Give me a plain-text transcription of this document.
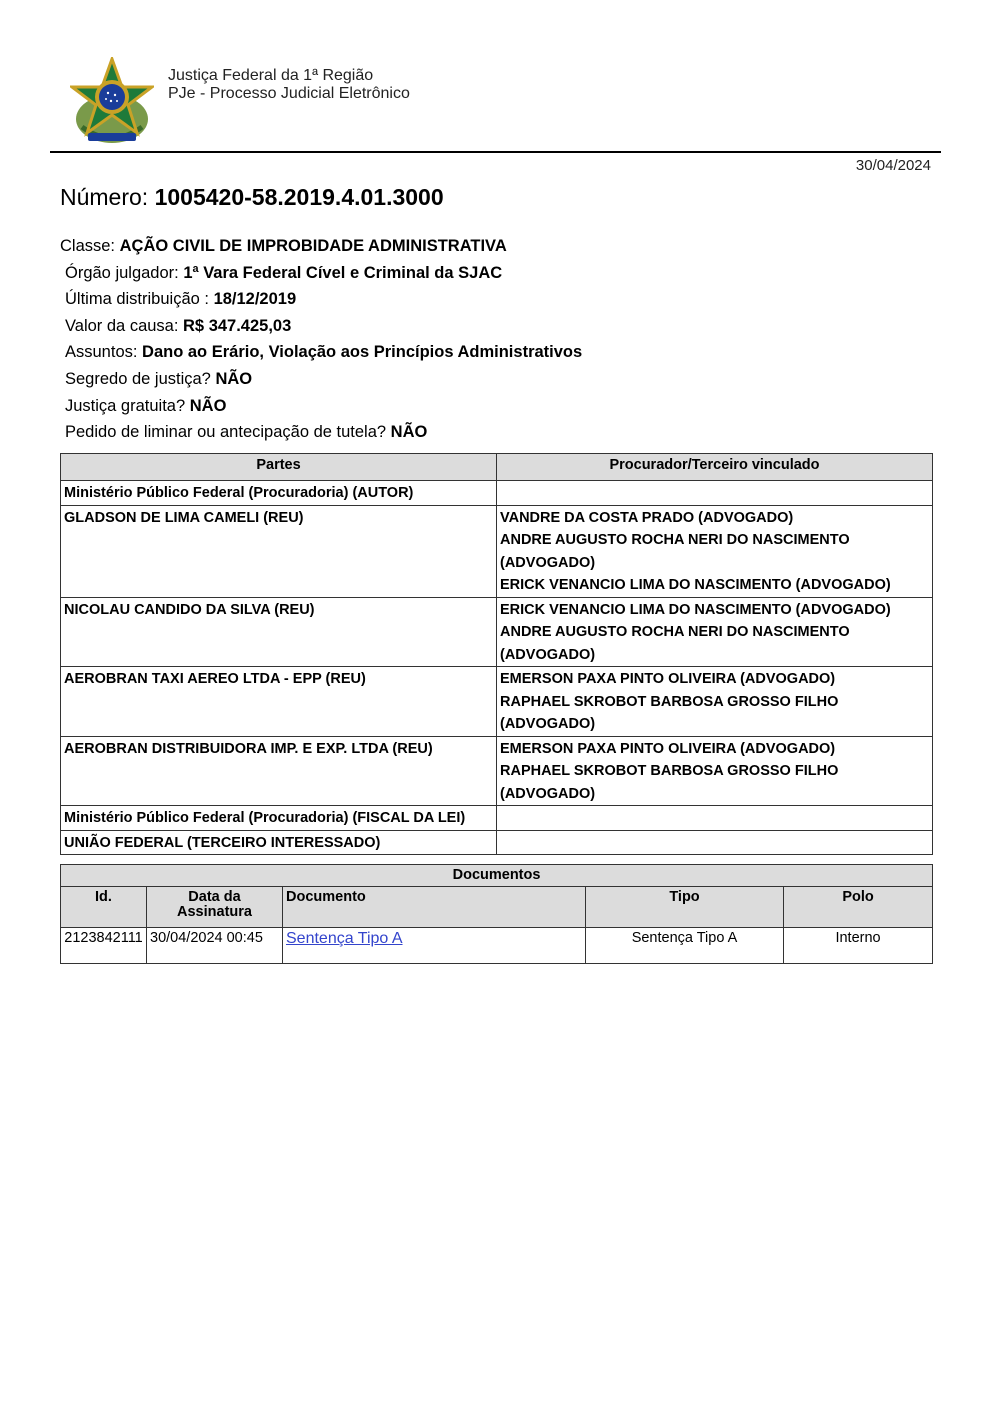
Justiça Federal da 1ª Região
PJe - Processo Judicial Eletrônico
30/04/2024
Número: 1005420-58.2019.4.01.3000
Classe: AÇÃO CIVIL DE IMPROBIDADE ADMINISTRATIVA
Órgão julgador: 1ª Vara Federal Cível e Criminal da SJAC
Última distribuição : 18/12/2019
Valor da causa: R$ 347.425,03
Assuntos: Dano ao Erário, Violação aos Princípios Administrativos
Segredo de justiça? NÃO
Justiça gratuita? NÃO
Pedido de liminar ou antecipação de tutela? NÃO
Partes	Procurador/Terceiro vinculado
Ministério Público Federal (Procuradoria) (AUTOR)	
GLADSON DE LIMA CAMELI (REU)	VANDRE DA COSTA PRADO (ADVOGADO)
ANDRE AUGUSTO ROCHA NERI DO NASCIMENTO (ADVOGADO)
ERICK VENANCIO LIMA DO NASCIMENTO (ADVOGADO)

NICOLAU CANDIDO DA SILVA (REU)	ERICK VENANCIO LIMA DO NASCIMENTO (ADVOGADO)
ANDRE AUGUSTO ROCHA NERI DO NASCIMENTO (ADVOGADO)

AEROBRAN TAXI AEREO LTDA - EPP (REU)	EMERSON PAXA PINTO OLIVEIRA (ADVOGADO)
RAPHAEL SKROBOT BARBOSA GROSSO FILHO (ADVOGADO)

AEROBRAN DISTRIBUIDORA IMP. E EXP. LTDA (REU)	EMERSON PAXA PINTO OLIVEIRA (ADVOGADO)
RAPHAEL SKROBOT BARBOSA GROSSO FILHO (ADVOGADO)

Ministério Público Federal (Procuradoria) (FISCAL DA LEI)	
UNIÃO FEDERAL (TERCEIRO INTERESSADO)	
Documentos				
Id.	Data da Assinatura	Documento	Tipo	Polo
2123842111	30/04/2024 00:45	Sentença Tipo A	Sentença Tipo A	Interno
